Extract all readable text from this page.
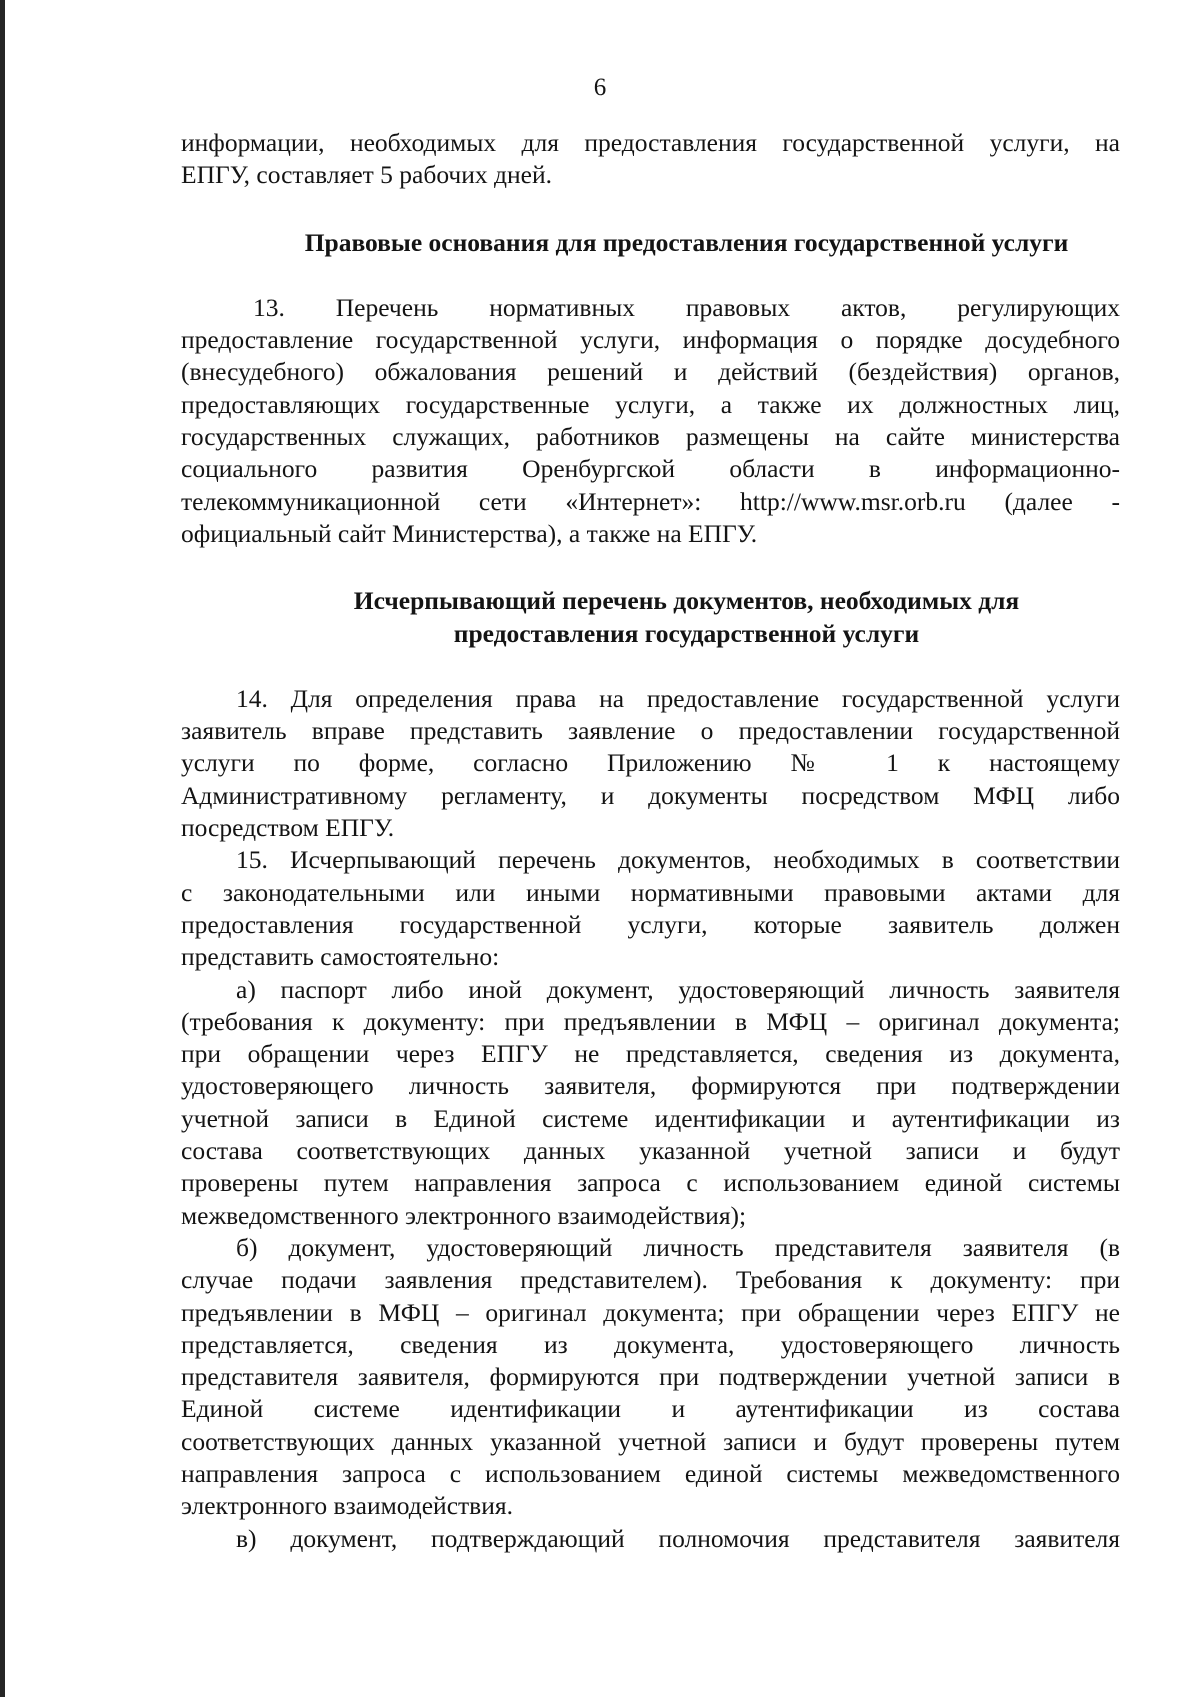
6
информации, необходимых для предоставления государственной услуги, на
ЕПГУ, составляет 5 рабочих дней.
Правовые основания для предоставления государственной услуги
13. Перечень нормативных правовых актов, регулирующих
предоставление государственной услуги, информация о порядке досудебного
(внесудебного) обжалования решений и действий (бездействия) органов,
предоставляющих государственные услуги, а также их должностных лиц,
государственных служащих, работников размещены на сайте министерства
социального развития Оренбургской области в информационно-
телекоммуникационной сети «Интернет»: http://www.msr.orb.ru (далее -
официальный сайт Министерства), а также на ЕПГУ.
Исчерпывающий перечень документов, необходимых для
предоставления государственной услуги
14. Для определения права на предоставление государственной услуги
заявитель вправе представить заявление о предоставлении государственной
услуги по форме, согласно Приложению № 1 к настоящему
Административному регламенту, и документы посредством МФЦ либо
посредством ЕПГУ.
15. Исчерпывающий перечень документов, необходимых в соответствии
с законодательными или иными нормативными правовыми актами для
предоставления государственной услуги, которые заявитель должен
представить самостоятельно:
а) паспорт либо иной документ, удостоверяющий личность заявителя
(требования к документу: при предъявлении в МФЦ – оригинал документа;
при обращении через ЕПГУ не представляется, сведения из документа,
удостоверяющего личность заявителя, формируются при подтверждении
учетной записи в Единой системе идентификации и аутентификации из
состава соответствующих данных указанной учетной записи и будут
проверены путем направления запроса с использованием единой системы
межведомственного электронного взаимодействия);
б) документ, удостоверяющий личность представителя заявителя (в
случае подачи заявления представителем). Требования к документу: при
предъявлении в МФЦ – оригинал документа; при обращении через ЕПГУ не
представляется, сведения из документа, удостоверяющего личность
представителя заявителя, формируются при подтверждении учетной записи в
Единой системе идентификации и аутентификации из состава
соответствующих данных указанной учетной записи и будут проверены путем
направления запроса с использованием единой системы межведомственного
электронного взаимодействия.
в) документ, подтверждающий полномочия представителя заявителя
